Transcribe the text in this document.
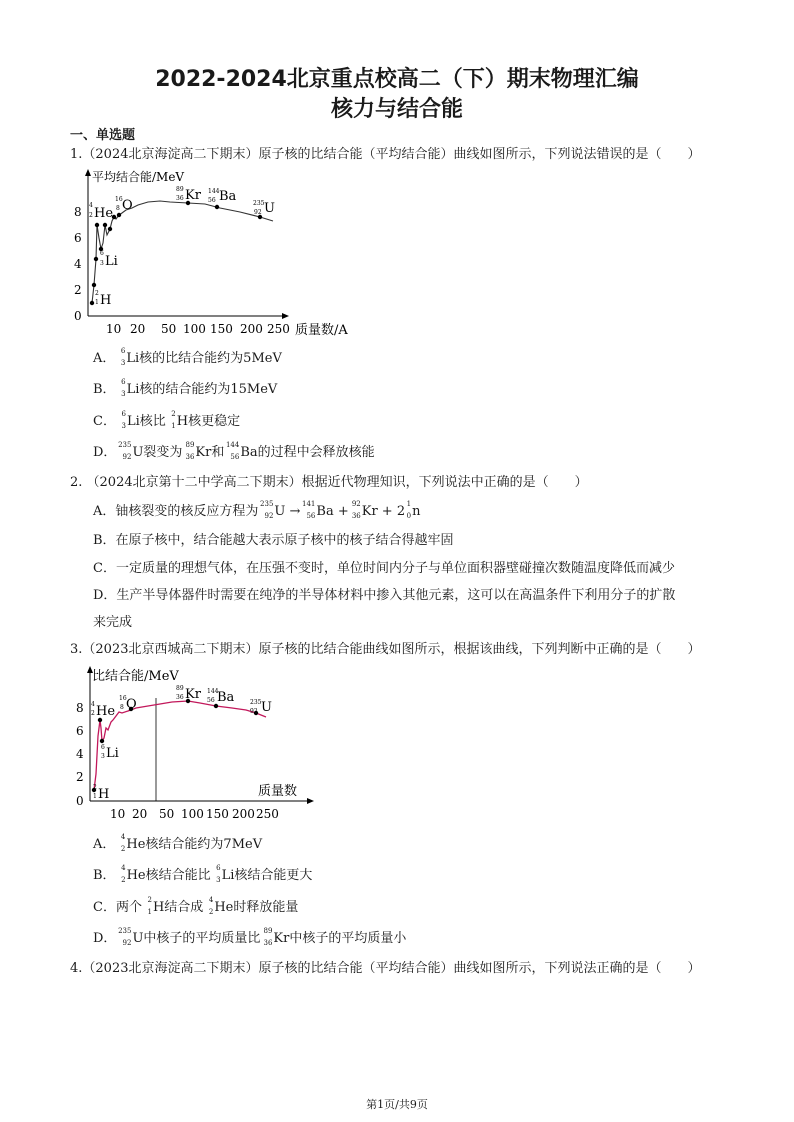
2022-2024北京重点校高二（下）期末物理汇编
核力与结合能
一、单选题
1.（2024北京海淀高二下期末）原子核的比结合能（平均结合能）曲线如图所示，下列说法错误的是（　　）
平均结合能/MeV
质量数/A
0
2
4
6
8
10 20 50 100 150 200 250
4
2 He
16
8 O
89
36 Kr 144
56 Ba	235
92 U
6
3 Li
2
1 H
A． 6
3 Li核的比结合能约为5MeV
B． 6
3 Li核的结合能约为15MeV
C． 6
3 Li核比 2
1 H核更稳定
D． 235
92 U裂变为 89
36 Kr和 144
56 Ba的过程中会释放核能
2. （2024北京第十二中学高二下期末）根据近代物理知识，下列说法中正确的是（　　）
A．铀核裂变的核反应方程为 235
92 U → 141
56 Ba + 92
36 Kr + 2 1
0 n
B．在原子核中，结合能越大表示原子核中的核子结合得越牢固
C．一定质量的理想气体，在压强不变时，单位时间内分子与单位面积器壁碰撞次数随温度降低而减少
D．生产半导体器件时需要在纯净的半导体材料中掺入其他元素，这可以在高温条件下利用分子的扩散
来完成
3.（2023北京西城高二下期末）原子核的比结合能曲线如图所示，根据该曲线，下列判断中正确的是（　　）
比结合能/MeV
质量数
0
2
4
6
8
10 20 50 100 150 200 250
4
2 He
16
8 O
89
36 Kr 144
56 Ba	235
92 U
6
3 Li
2
1 H
A． 4
2 He核结合能约为7MeV
B． 4
2 He核结合能比 6
3 Li核结合能更大
C．两个 2
1 H结合成 4
2 He时释放能量
D． 235
92 U中核子的平均质量比 89
36 Kr中核子的平均质量小
4.（2023北京海淀高二下期末）原子核的比结合能（平均结合能）曲线如图所示，下列说法正确的是（　　）
第1页/共9页
